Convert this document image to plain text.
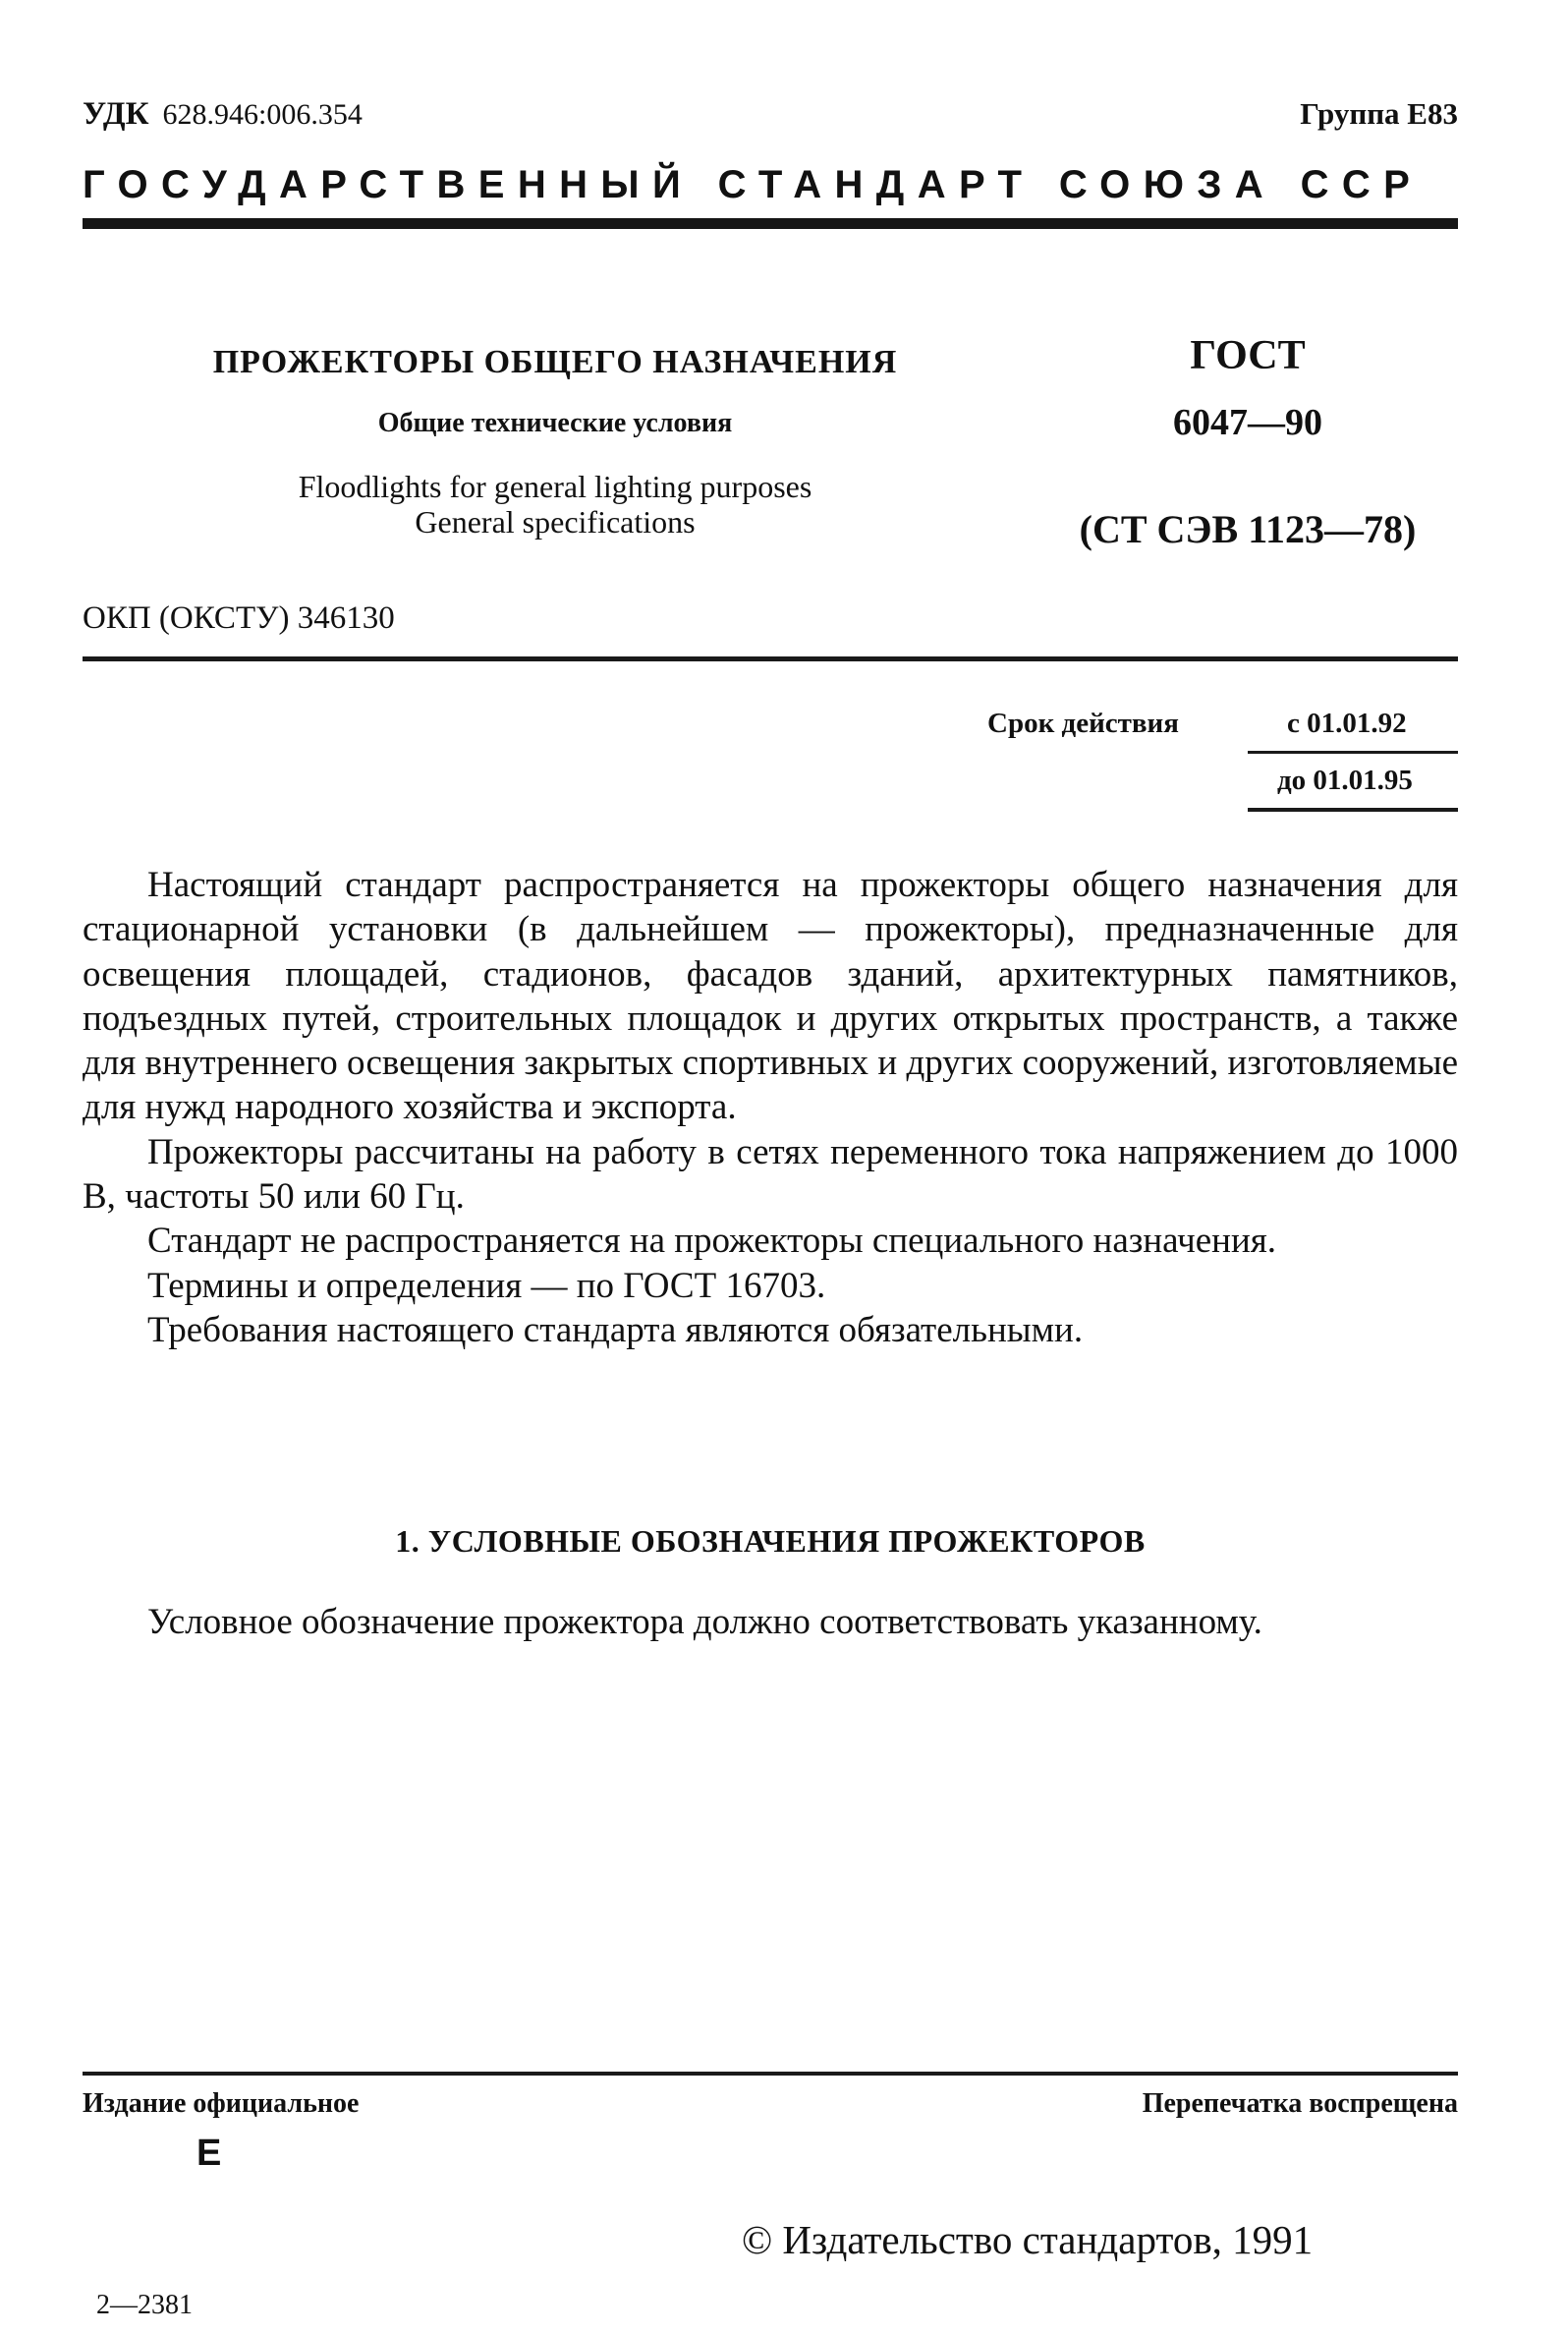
УДК 628.946:006.354	Группа Е83
ГОСУДАРСТВЕННЫЙ СТАНДАРТ СОЮЗА ССР
ПРОЖЕКТОРЫ ОБЩЕГО НАЗНАЧЕНИЯ
Общие технические условия
Floodlights for general lighting purposes
General specifications
ГОСТ
6047—90
(СТ СЭВ 1123—78)
ОКП (ОКСТУ) 346130
Срок действия	с 01.01.92
до 01.01.95

Настоящий стандарт распространяется на прожекторы общего назначения для стационарной установки (в дальнейшем — прожекторы), предназначенные для освещения площадей, стадионов, фасадов зданий, архитектурных памятников, подъездных путей, строительных площадок и других открытых пространств, а также для внутреннего освещения закрытых спортивных и других сооружений, изготовляемые для нужд народного хозяйства и экспорта.

Прожекторы рассчитаны на работу в сетях переменного тока напряжением до 1000 В, частоты 50 или 60 Гц.

Стандарт не распространяется на прожекторы специального назначения.

Термины и определения — по ГОСТ 16703.

Требования настоящего стандарта являются обязательными.

1. УСЛОВНЫЕ ОБОЗНАЧЕНИЯ ПРОЖЕКТОРОВ

Условное обозначение прожектора должно соответствовать указанному.

Издание официальное	Перепечатка воспрещена
Е
© Издательство стандартов, 1991
2—2381
